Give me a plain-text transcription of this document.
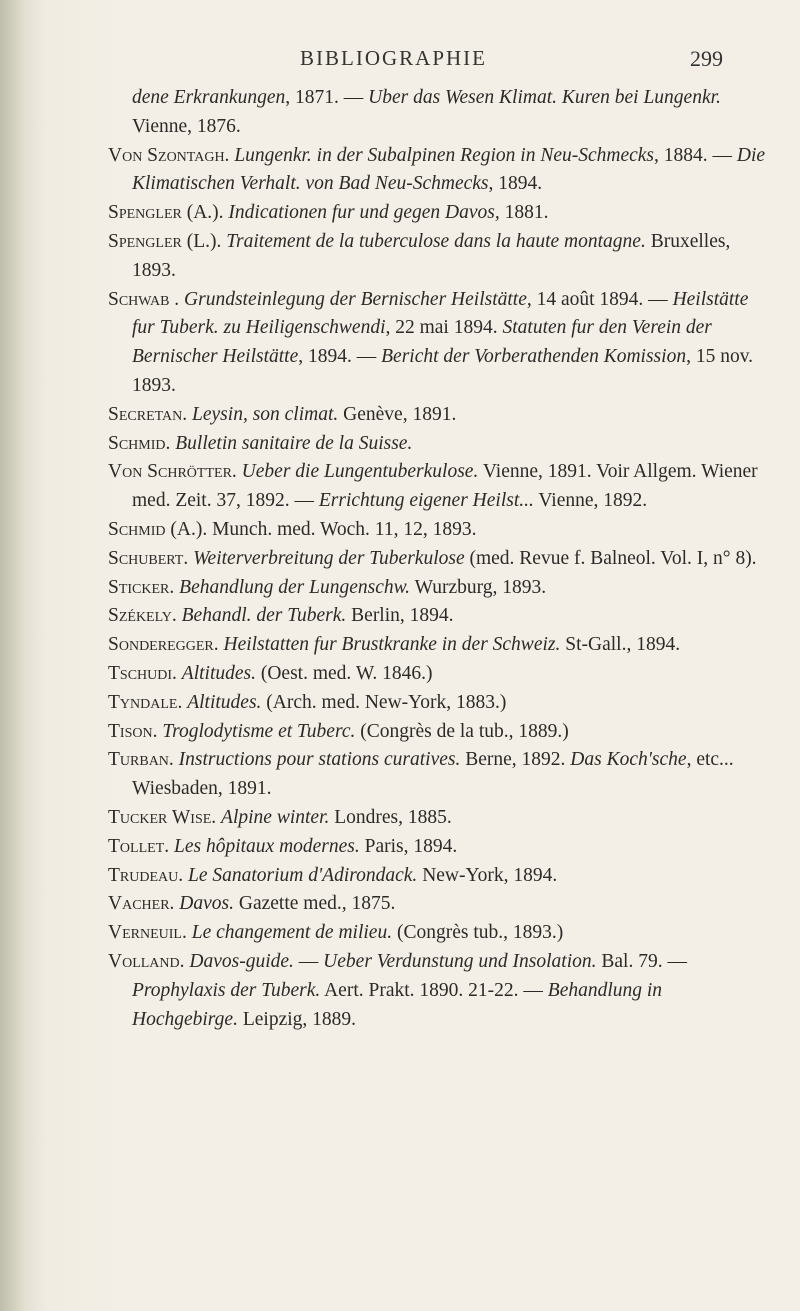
BIBLIOGRAPHIE	299
dene Erkrankungen, 1871. — Uber das Wesen Klimat. Kuren bei Lungenkr. Vienne, 1876.
Von Szontagh. Lungenkr. in der Subalpinen Region in Neu-Schmecks, 1884. — Die Klimatischen Verhalt. von Bad Neu-Schmecks, 1894.
Spengler (A.). Indicationen fur und gegen Davos, 1881.
Spengler (L.). Traitement de la tuberculose dans la haute montagne. Bruxelles, 1893.
Schwab . Grundsteinlegung der Bernischer Heilstätte, 14 août 1894. — Heilstätte fur Tuberk. zu Heiligenschwendi, 22 mai 1894. Statuten fur den Verein der Bernischer Heilstätte, 1894. — Bericht der Vorberathenden Komission, 15 nov. 1893.
Secretan. Leysin, son climat. Genève, 1891.
Schmid. Bulletin sanitaire de la Suisse.
Von Schrötter. Ueber die Lungentuberkulose. Vienne, 1891. Voir Allgem. Wiener med. Zeit. 37, 1892. — Errichtung eigener Heilst... Vienne, 1892.
Schmid (A.). Munch. med. Woch. 11, 12, 1893.
Schubert. Weiterverbreitung der Tuberkulose (med. Revue f. Balneol. Vol. I, n° 8).
Sticker. Behandlung der Lungenschw. Wurzburg, 1893.
Székely. Behandl. der Tuberk. Berlin, 1894.
Sonderegger. Heilstatten fur Brustkranke in der Schweiz. St-Gall., 1894.
Tschudi. Altitudes. (Oest. med. W. 1846.)
Tyndale. Altitudes. (Arch. med. New-York, 1883.)
Tison. Troglodytisme et Tuberc. (Congrès de la tub., 1889.)
Turban. Instructions pour stations curatives. Berne, 1892. Das Koch'sche, etc... Wiesbaden, 1891.
Tucker Wise. Alpine winter. Londres, 1885.
Tollet. Les hôpitaux modernes. Paris, 1894.
Trudeau. Le Sanatorium d'Adirondack. New-York, 1894.
Vacher. Davos. Gazette med., 1875.
Verneuil. Le changement de milieu. (Congrès tub., 1893.)
Volland. Davos-guide. — Ueber Verdunstung und Insolation. Bal. 79. — Prophylaxis der Tuberk. Aert. Prakt. 1890. 21-22. — Behandlung in Hochgebirge. Leipzig, 1889.
